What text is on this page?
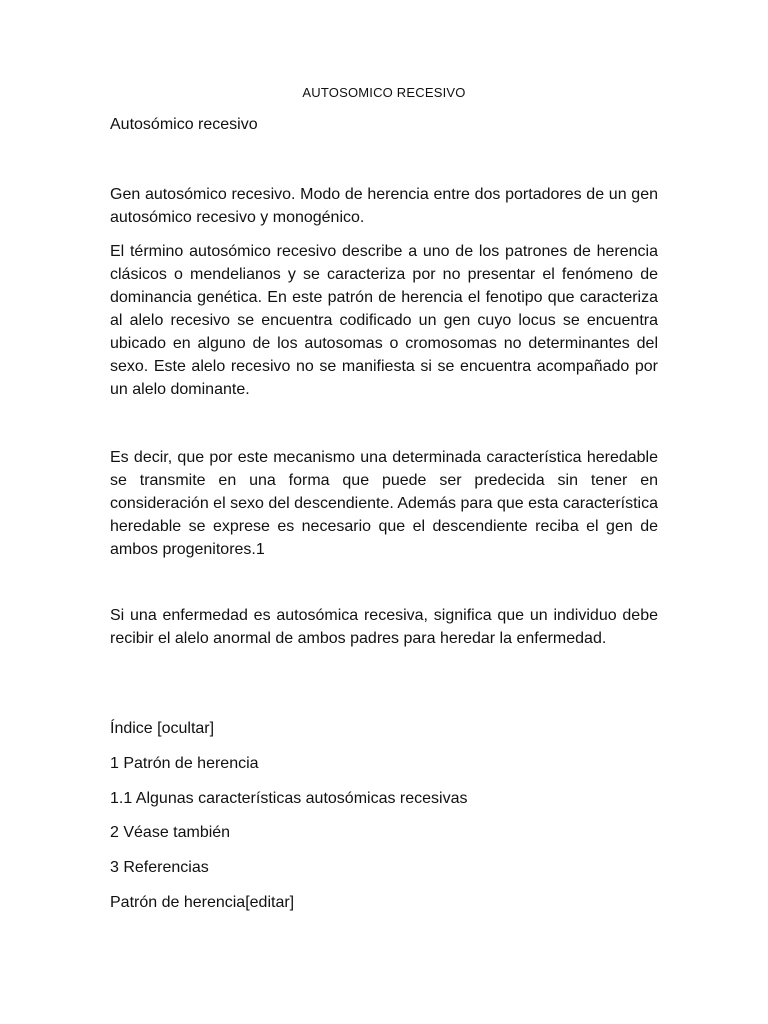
AUTOSOMICO RECESIVO
Autosómico recesivo
Gen autosómico recesivo. Modo de herencia entre dos portadores de un gen autosómico recesivo y monogénico.
El término autosómico recesivo describe a uno de los patrones de herencia clásicos o mendelianos y se caracteriza por no presentar el fenómeno de dominancia genética. En este patrón de herencia el fenotipo que caracteriza al alelo recesivo se encuentra codificado un gen cuyo locus se encuentra ubicado en alguno de los autosomas o cromosomas no determinantes del sexo. Este alelo recesivo no se manifiesta si se encuentra acompañado por un alelo dominante.
Es decir, que por este mecanismo una determinada característica heredable se transmite en una forma que puede ser predecida sin tener en consideración el sexo del descendiente. Además para que esta característica heredable se exprese es necesario que el descendiente reciba el gen de ambos progenitores.1
Si una enfermedad es autosómica recesiva, significa que un individuo debe recibir el alelo anormal de ambos padres para heredar la enfermedad.
Índice [ocultar]
1 Patrón de herencia
1.1 Algunas características autosómicas recesivas
2 Véase también
3 Referencias
Patrón de herencia[editar]
